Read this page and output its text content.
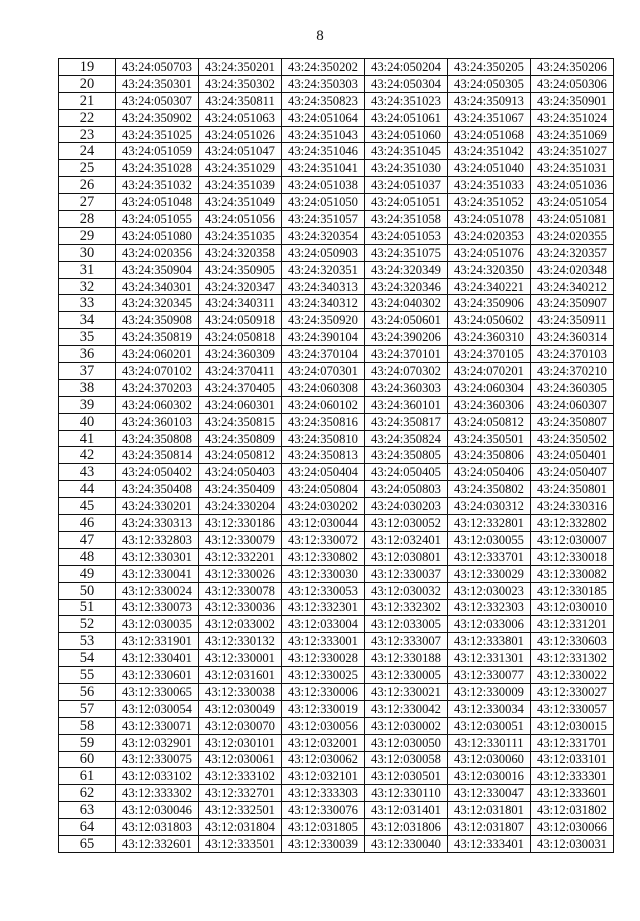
8
19	43:24:050703	43:24:350201	43:24:350202	43:24:050204	43:24:350205	43:24:350206
20	43:24:350301	43:24:350302	43:24:350303	43:24:050304	43:24:050305	43:24:050306
21	43:24:050307	43:24:350811	43:24:350823	43:24:351023	43:24:350913	43:24:350901
22	43:24:350902	43:24:051063	43:24:051064	43:24:051061	43:24:351067	43:24:351024
23	43:24:351025	43:24:051026	43:24:351043	43:24:051060	43:24:051068	43:24:351069
24	43:24:051059	43:24:051047	43:24:351046	43:24:351045	43:24:351042	43:24:351027
25	43:24:351028	43:24:351029	43:24:351041	43:24:351030	43:24:051040	43:24:351031
26	43:24:351032	43:24:351039	43:24:051038	43:24:051037	43:24:351033	43:24:051036
27	43:24:051048	43:24:351049	43:24:051050	43:24:051051	43:24:351052	43:24:051054
28	43:24:051055	43:24:051056	43:24:351057	43:24:351058	43:24:051078	43:24:051081
29	43:24:051080	43:24:351035	43:24:320354	43:24:051053	43:24:020353	43:24:020355
30	43:24:020356	43:24:320358	43:24:050903	43:24:351075	43:24:051076	43:24:320357
31	43:24:350904	43:24:350905	43:24:320351	43:24:320349	43:24:320350	43:24:020348
32	43:24:340301	43:24:320347	43:24:340313	43:24:320346	43:24:340221	43:24:340212
33	43:24:320345	43:24:340311	43:24:340312	43:24:040302	43:24:350906	43:24:350907
34	43:24:350908	43:24:050918	43:24:350920	43:24:050601	43:24:050602	43:24:350911
35	43:24:350819	43:24:050818	43:24:390104	43:24:390206	43:24:360310	43:24:360314
36	43:24:060201	43:24:360309	43:24:370104	43:24:370101	43:24:370105	43:24:370103
37	43:24:070102	43:24:370411	43:24:070301	43:24:070302	43:24:070201	43:24:370210
38	43:24:370203	43:24:370405	43:24:060308	43:24:360303	43:24:060304	43:24:360305
39	43:24:060302	43:24:060301	43:24:060102	43:24:360101	43:24:360306	43:24:060307
40	43:24:360103	43:24:350815	43:24:350816	43:24:350817	43:24:050812	43:24:350807
41	43:24:350808	43:24:350809	43:24:350810	43:24:350824	43:24:350501	43:24:350502
42	43:24:350814	43:24:050812	43:24:350813	43:24:350805	43:24:350806	43:24:050401
43	43:24:050402	43:24:050403	43:24:050404	43:24:050405	43:24:050406	43:24:050407
44	43:24:350408	43:24:350409	43:24:050804	43:24:050803	43:24:350802	43:24:350801
45	43:24:330201	43:24:330204	43:24:030202	43:24:030203	43:24:030312	43:24:330316
46	43:24:330313	43:12:330186	43:12:030044	43:12:030052	43:12:332801	43:12:332802
47	43:12:332803	43:12:330079	43:12:330072	43:12:032401	43:12:030055	43:12:030007
48	43:12:330301	43:12:332201	43:12:330802	43:12:030801	43:12:333701	43:12:330018
49	43:12:330041	43:12:330026	43:12:330030	43:12:330037	43:12:330029	43:12:330082
50	43:12:330024	43:12:330078	43:12:330053	43:12:030032	43:12:030023	43:12:330185
51	43:12:330073	43:12:330036	43:12:332301	43:12:332302	43:12:332303	43:12:030010
52	43:12:030035	43:12:033002	43:12:033004	43:12:033005	43:12:033006	43:12:331201
53	43:12:331901	43:12:330132	43:12:333001	43:12:333007	43:12:333801	43:12:330603
54	43:12:330401	43:12:330001	43:12:330028	43:12:330188	43:12:331301	43:12:331302
55	43:12:330601	43:12:031601	43:12:330025	43:12:330005	43:12:330077	43:12:330022
56	43:12:330065	43:12:330038	43:12:330006	43:12:330021	43:12:330009	43:12:330027
57	43:12:030054	43:12:030049	43:12:330019	43:12:330042	43:12:330034	43:12:330057
58	43:12:330071	43:12:030070	43:12:030056	43:12:030002	43:12:030051	43:12:030015
59	43:12:032901	43:12:030101	43:12:032001	43:12:030050	43:12:330111	43:12:331701
60	43:12:330075	43:12:030061	43:12:030062	43:12:030058	43:12:030060	43:12:033101
61	43:12:033102	43:12:333102	43:12:032101	43:12:030501	43:12:030016	43:12:333301
62	43:12:333302	43:12:332701	43:12:333303	43:12:330110	43:12:330047	43:12:333601
63	43:12:030046	43:12:332501	43:12:330076	43:12:031401	43:12:031801	43:12:031802
64	43:12:031803	43:12:031804	43:12:031805	43:12:031806	43:12:031807	43:12:030066
65	43:12:332601	43:12:333501	43:12:330039	43:12:330040	43:12:333401	43:12:030031
